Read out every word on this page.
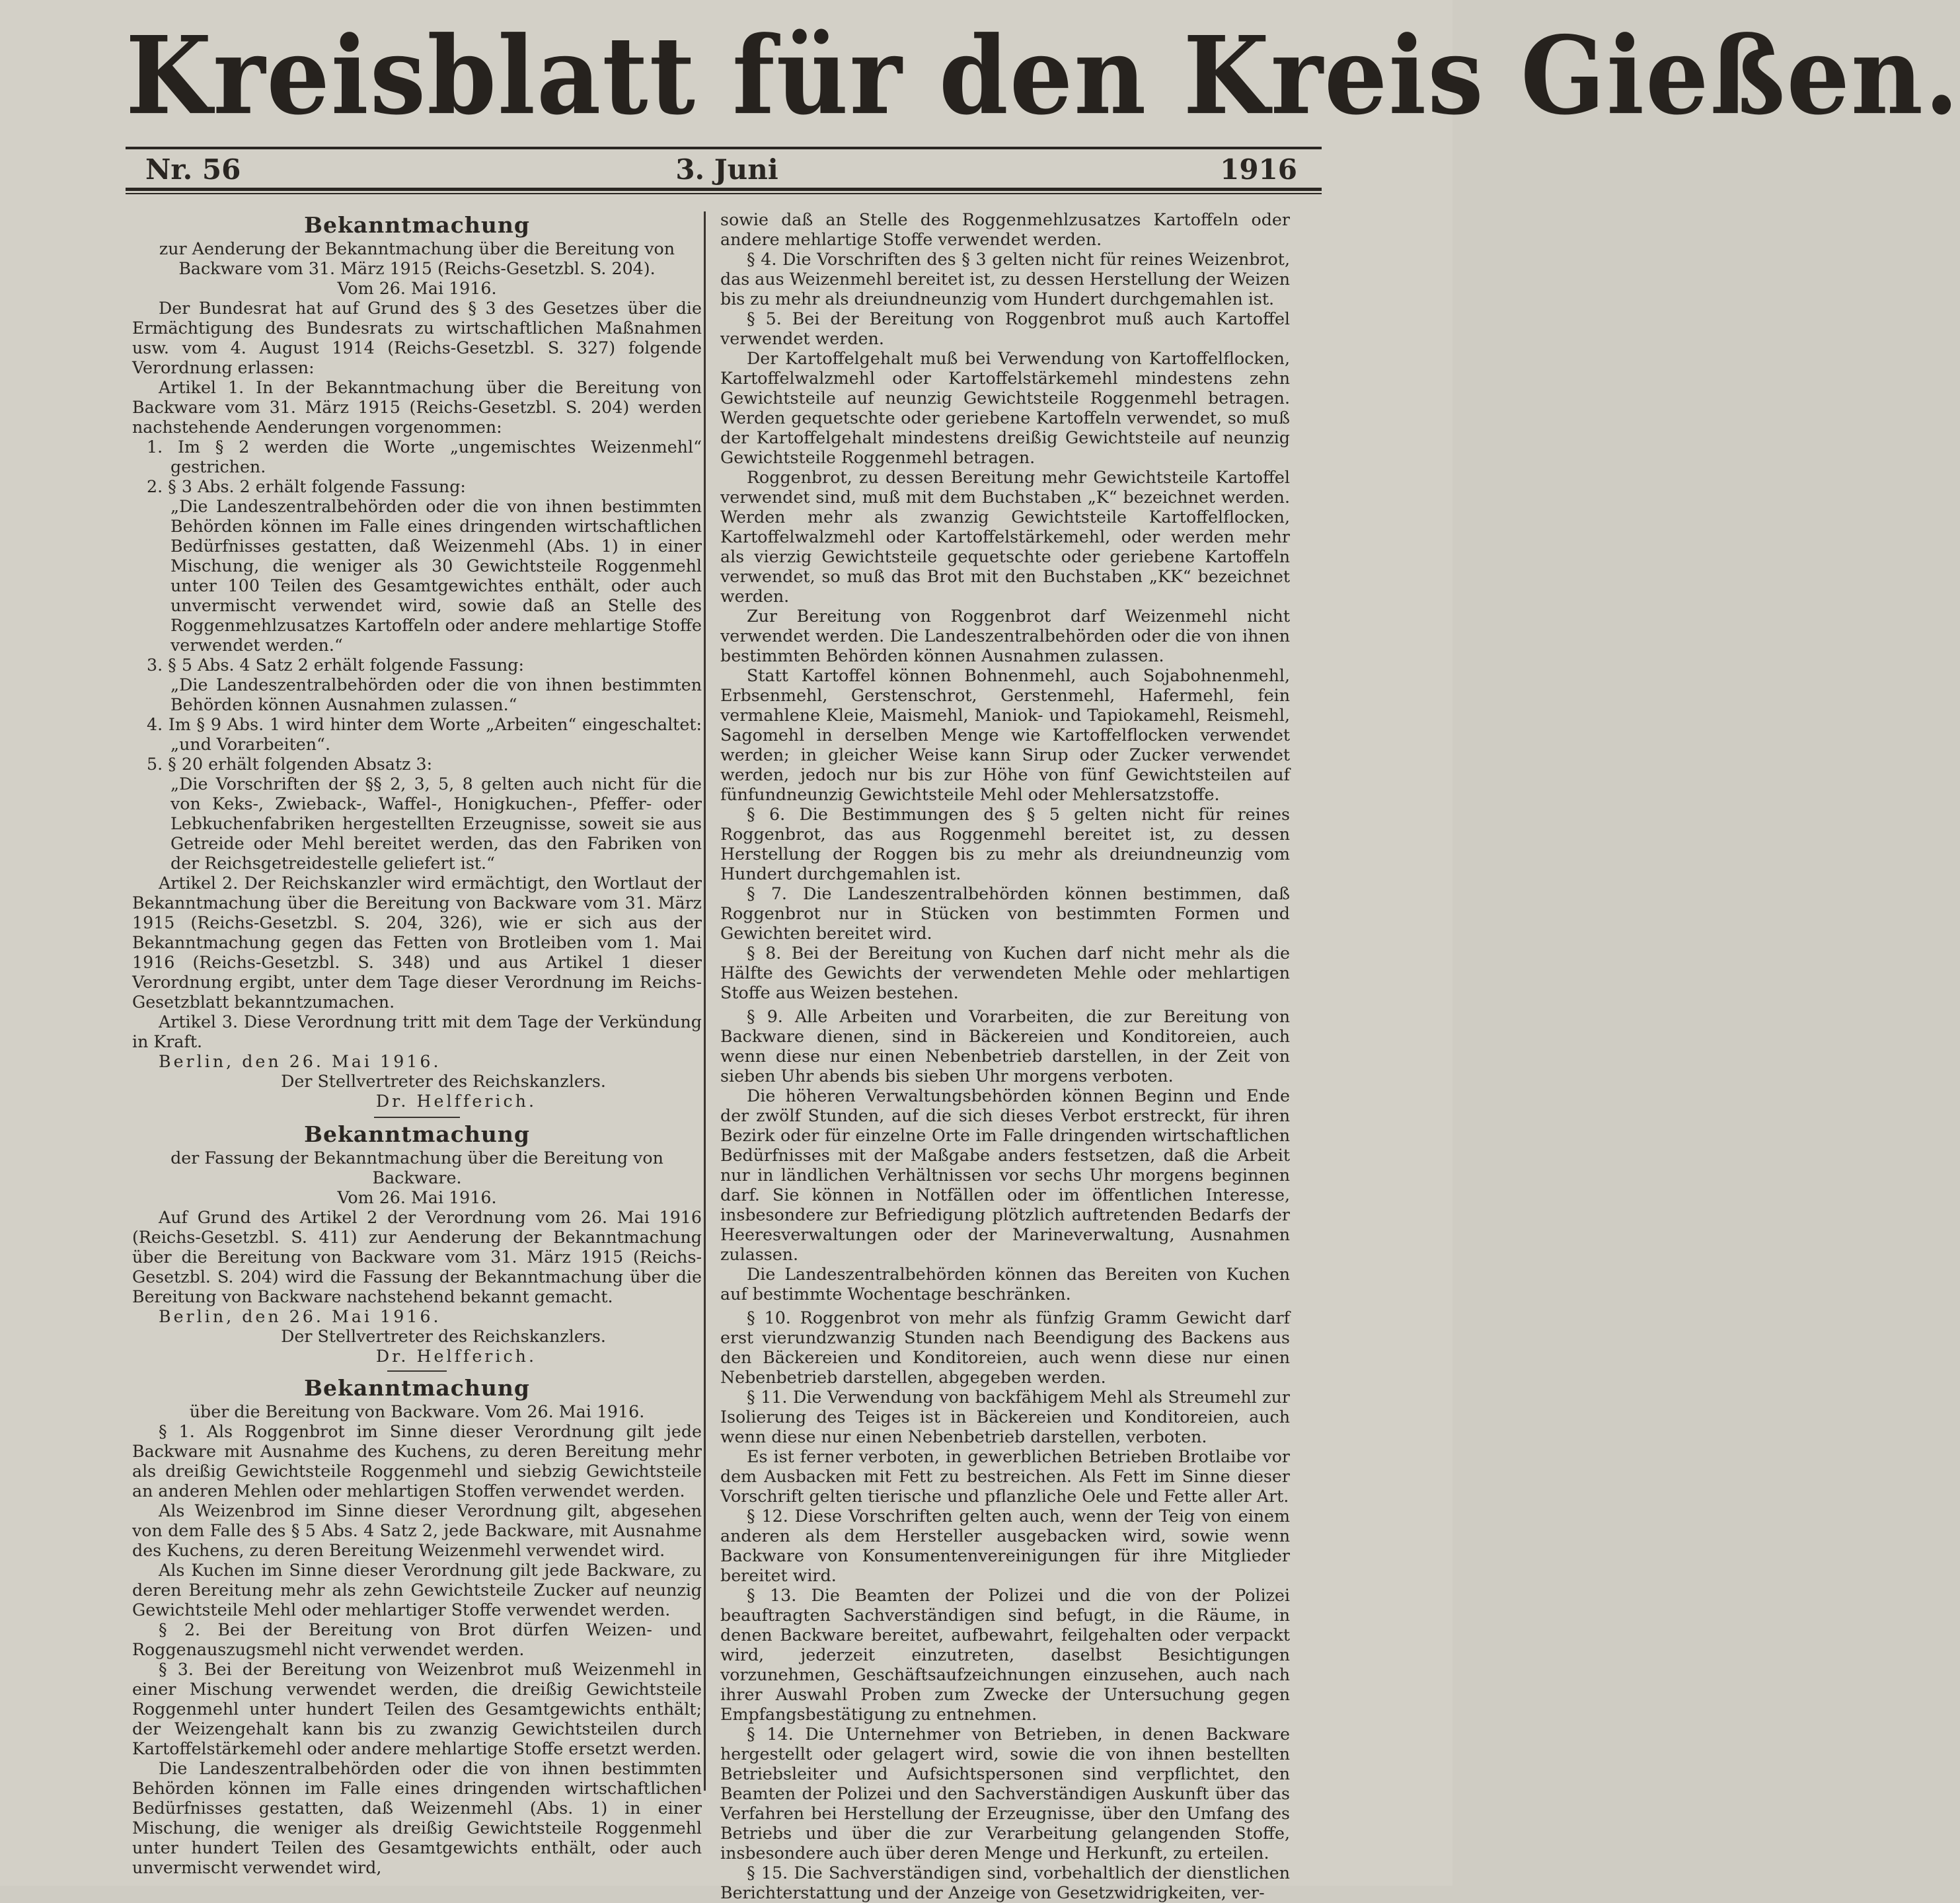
Kreisblatt für den Kreis Gießen.
Nr. 56	3. Juni	1916
Bekanntmachung

zur Aenderung der Bekanntmachung über die Bereitung von Backware vom 31. März 1915 (Reichs-Gesetzbl. S. 204).

Vom 26. Mai 1916.

Der Bundesrat hat auf Grund des § 3 des Gesetzes über die Ermächtigung des Bundesrats zu wirtschaftlichen Maßnahmen usw. vom 4. August 1914 (Reichs-Gesetzbl. S. 327) folgende Verordnung erlassen:

Artikel 1. In der Bekanntmachung über die Bereitung von Backware vom 31. März 1915 (Reichs-Gesetzbl. S. 204) werden nachstehende Aenderungen vorgenommen:

1. Im § 2 werden die Worte „ungemischtes Weizenmehl“ gestrichen.

2. § 3 Abs. 2 erhält folgende Fassung:

„Die Landeszentralbehörden oder die von ihnen bestimmten Behörden können im Falle eines dringenden wirtschaftlichen Bedürfnisses gestatten, daß Weizenmehl (Abs. 1) in einer Mischung, die weniger als 30 Gewichtsteile Roggenmehl unter 100 Teilen des Gesamtgewichtes enthält, oder auch unvermischt verwendet wird, sowie daß an Stelle des Roggenmehlzusatzes Kartoffeln oder andere mehlartige Stoffe verwendet werden.“

3. § 5 Abs. 4 Satz 2 erhält folgende Fassung:

„Die Landeszentralbehörden oder die von ihnen bestimmten Behörden können Ausnahmen zulassen.“

4. Im § 9 Abs. 1 wird hinter dem Worte „Arbeiten“ eingeschaltet: „und Vorarbeiten“.

5. § 20 erhält folgenden Absatz 3:

„Die Vorschriften der §§ 2, 3, 5, 8 gelten auch nicht für die von Keks-, Zwieback-, Waffel-, Honigkuchen-, Pfeffer- oder Lebkuchenfabriken hergestellten Erzeugnisse, soweit sie aus Getreide oder Mehl bereitet werden, das den Fabriken von der Reichsgetreidestelle geliefert ist.“

Artikel 2. Der Reichskanzler wird ermächtigt, den Wortlaut der Bekanntmachung über die Bereitung von Backware vom 31. März 1915 (Reichs-Gesetzbl. S. 204, 326), wie er sich aus der Bekanntmachung gegen das Fetten von Brotleiben vom 1. Mai 1916 (Reichs-Gesetzbl. S. 348) und aus Artikel 1 dieser Verordnung ergibt, unter dem Tage dieser Verordnung im Reichs-Gesetzblatt bekanntzumachen.

Artikel 3. Diese Verordnung tritt mit dem Tage der Verkündung in Kraft.

Berlin, den 26. Mai 1916.

Der Stellvertreter des Reichskanzlers.

Dr. Helfferich.

Bekanntmachung

der Fassung der Bekanntmachung über die Bereitung von Backware.

Vom 26. Mai 1916.

Auf Grund des Artikel 2 der Verordnung vom 26. Mai 1916 (Reichs-Gesetzbl. S. 411) zur Aenderung der Bekanntmachung über die Bereitung von Backware vom 31. März 1915 (Reichs-Gesetzbl. S. 204) wird die Fassung der Bekanntmachung über die Bereitung von Backware nachstehend bekannt gemacht.

Berlin, den 26. Mai 1916.

Der Stellvertreter des Reichskanzlers.

Dr. Helfferich.

Bekanntmachung

über die Bereitung von Backware. Vom 26. Mai 1916.

§ 1. Als Roggenbrot im Sinne dieser Verordnung gilt jede Backware mit Ausnahme des Kuchens, zu deren Bereitung mehr als dreißig Gewichtsteile Roggenmehl und siebzig Gewichtsteile an anderen Mehlen oder mehlartigen Stoffen verwendet werden.

Als Weizenbrod im Sinne dieser Verordnung gilt, abgesehen von dem Falle des § 5 Abs. 4 Satz 2, jede Backware, mit Ausnahme des Kuchens, zu deren Bereitung Weizenmehl verwendet wird.

Als Kuchen im Sinne dieser Verordnung gilt jede Backware, zu deren Bereitung mehr als zehn Gewichtsteile Zucker auf neunzig Gewichtsteile Mehl oder mehlartiger Stoffe verwendet werden.

§ 2. Bei der Bereitung von Brot dürfen Weizen- und Roggenauszugsmehl nicht verwendet werden.

§ 3. Bei der Bereitung von Weizenbrot muß Weizenmehl in einer Mischung verwendet werden, die dreißig Gewichtsteile Roggenmehl unter hundert Teilen des Gesamtgewichts enthält; der Weizengehalt kann bis zu zwanzig Gewichtsteilen durch Kartoffelstärkemehl oder andere mehlartige Stoffe ersetzt werden.

Die Landeszentralbehörden oder die von ihnen bestimmten Behörden können im Falle eines dringenden wirtschaftlichen Bedürfnisses gestatten, daß Weizenmehl (Abs. 1) in einer Mischung, die weniger als dreißig Gewichtsteile Roggenmehl unter hundert Teilen des Gesamtgewichts enthält, oder auch unvermischt verwendet wird,

sowie daß an Stelle des Roggenmehlzusatzes Kartoffeln oder andere mehlartige Stoffe verwendet werden.

§ 4. Die Vorschriften des § 3 gelten nicht für reines Weizenbrot, das aus Weizenmehl bereitet ist, zu dessen Herstellung der Weizen bis zu mehr als dreiundneunzig vom Hundert durchgemahlen ist.

§ 5. Bei der Bereitung von Roggenbrot muß auch Kartoffel verwendet werden.

Der Kartoffelgehalt muß bei Verwendung von Kartoffelflocken, Kartoffelwalzmehl oder Kartoffelstärkemehl mindestens zehn Gewichtsteile auf neunzig Gewichtsteile Roggenmehl betragen. Werden gequetschte oder geriebene Kartoffeln verwendet, so muß der Kartoffelgehalt mindestens dreißig Gewichtsteile auf neunzig Gewichtsteile Roggenmehl betragen.

Roggenbrot, zu dessen Bereitung mehr Gewichtsteile Kartoffel verwendet sind, muß mit dem Buchstaben „K“ bezeichnet werden. Werden mehr als zwanzig Gewichtsteile Kartoffelflocken, Kartoffelwalzmehl oder Kartoffelstärkemehl, oder werden mehr als vierzig Gewichtsteile gequetschte oder geriebene Kartoffeln verwendet, so muß das Brot mit den Buchstaben „KK“ bezeichnet werden.

Zur Bereitung von Roggenbrot darf Weizenmehl nicht verwendet werden. Die Landeszentralbehörden oder die von ihnen bestimmten Behörden können Ausnahmen zulassen.

Statt Kartoffel können Bohnenmehl, auch Sojabohnenmehl, Erbsenmehl, Gerstenschrot, Gerstenmehl, Hafermehl, fein vermahlene Kleie, Maismehl, Maniok- und Tapiokamehl, Reismehl, Sagomehl in derselben Menge wie Kartoffelflocken verwendet werden; in gleicher Weise kann Sirup oder Zucker verwendet werden, jedoch nur bis zur Höhe von fünf Gewichtsteilen auf fünfundneunzig Gewichtsteile Mehl oder Mehlersatzstoffe.

§ 6. Die Bestimmungen des § 5 gelten nicht für reines Roggenbrot, das aus Roggenmehl bereitet ist, zu dessen Herstellung der Roggen bis zu mehr als dreiundneunzig vom Hundert durchgemahlen ist.

§ 7. Die Landeszentralbehörden können bestimmen, daß Roggenbrot nur in Stücken von bestimmten Formen und Gewichten bereitet wird.

§ 8. Bei der Bereitung von Kuchen darf nicht mehr als die Hälfte des Gewichts der verwendeten Mehle oder mehlartigen Stoffe aus Weizen bestehen.

§ 9. Alle Arbeiten und Vorarbeiten, die zur Bereitung von Backware dienen, sind in Bäckereien und Konditoreien, auch wenn diese nur einen Nebenbetrieb darstellen, in der Zeit von sieben Uhr abends bis sieben Uhr morgens verboten.

Die höheren Verwaltungsbehörden können Beginn und Ende der zwölf Stunden, auf die sich dieses Verbot erstreckt, für ihren Bezirk oder für einzelne Orte im Falle dringenden wirtschaftlichen Bedürfnisses mit der Maßgabe anders festsetzen, daß die Arbeit nur in ländlichen Verhältnissen vor sechs Uhr morgens beginnen darf. Sie können in Notfällen oder im öffentlichen Interesse, insbesondere zur Befriedigung plötzlich auftretenden Bedarfs der Heeresverwaltungen oder der Marineverwaltung, Ausnahmen zulassen.

Die Landeszentralbehörden können das Bereiten von Kuchen auf bestimmte Wochentage beschränken.

§ 10. Roggenbrot von mehr als fünfzig Gramm Gewicht darf erst vierundzwanzig Stunden nach Beendigung des Backens aus den Bäckereien und Konditoreien, auch wenn diese nur einen Nebenbetrieb darstellen, abgegeben werden.

§ 11. Die Verwendung von backfähigem Mehl als Streumehl zur Isolierung des Teiges ist in Bäckereien und Konditoreien, auch wenn diese nur einen Nebenbetrieb darstellen, verboten.

Es ist ferner verboten, in gewerblichen Betrieben Brotlaibe vor dem Ausbacken mit Fett zu bestreichen. Als Fett im Sinne dieser Vorschrift gelten tierische und pflanzliche Oele und Fette aller Art.

§ 12. Diese Vorschriften gelten auch, wenn der Teig von einem anderen als dem Hersteller ausgebacken wird, sowie wenn Backware von Konsumentenvereinigungen für ihre Mitglieder bereitet wird.

§ 13. Die Beamten der Polizei und die von der Polizei beauftragten Sachverständigen sind befugt, in die Räume, in denen Backware bereitet, aufbewahrt, feilgehalten oder verpackt wird, jederzeit einzutreten, daselbst Besichtigungen vorzunehmen, Geschäftsaufzeichnungen einzusehen, auch nach ihrer Auswahl Proben zum Zwecke der Untersuchung gegen Empfangsbestätigung zu entnehmen.

§ 14. Die Unternehmer von Betrieben, in denen Backware hergestellt oder gelagert wird, sowie die von ihnen bestellten Betriebsleiter und Aufsichtspersonen sind verpflichtet, den Beamten der Polizei und den Sachverständigen Auskunft über das Verfahren bei Herstellung der Erzeugnisse, über den Umfang des Betriebs und über die zur Verarbeitung gelangenden Stoffe, insbesondere auch über deren Menge und Herkunft, zu erteilen.

§ 15. Die Sachverständigen sind, vorbehaltlich der dienstlichen Berichterstattung und der Anzeige von Gesetzwidrigkeiten, ver-
